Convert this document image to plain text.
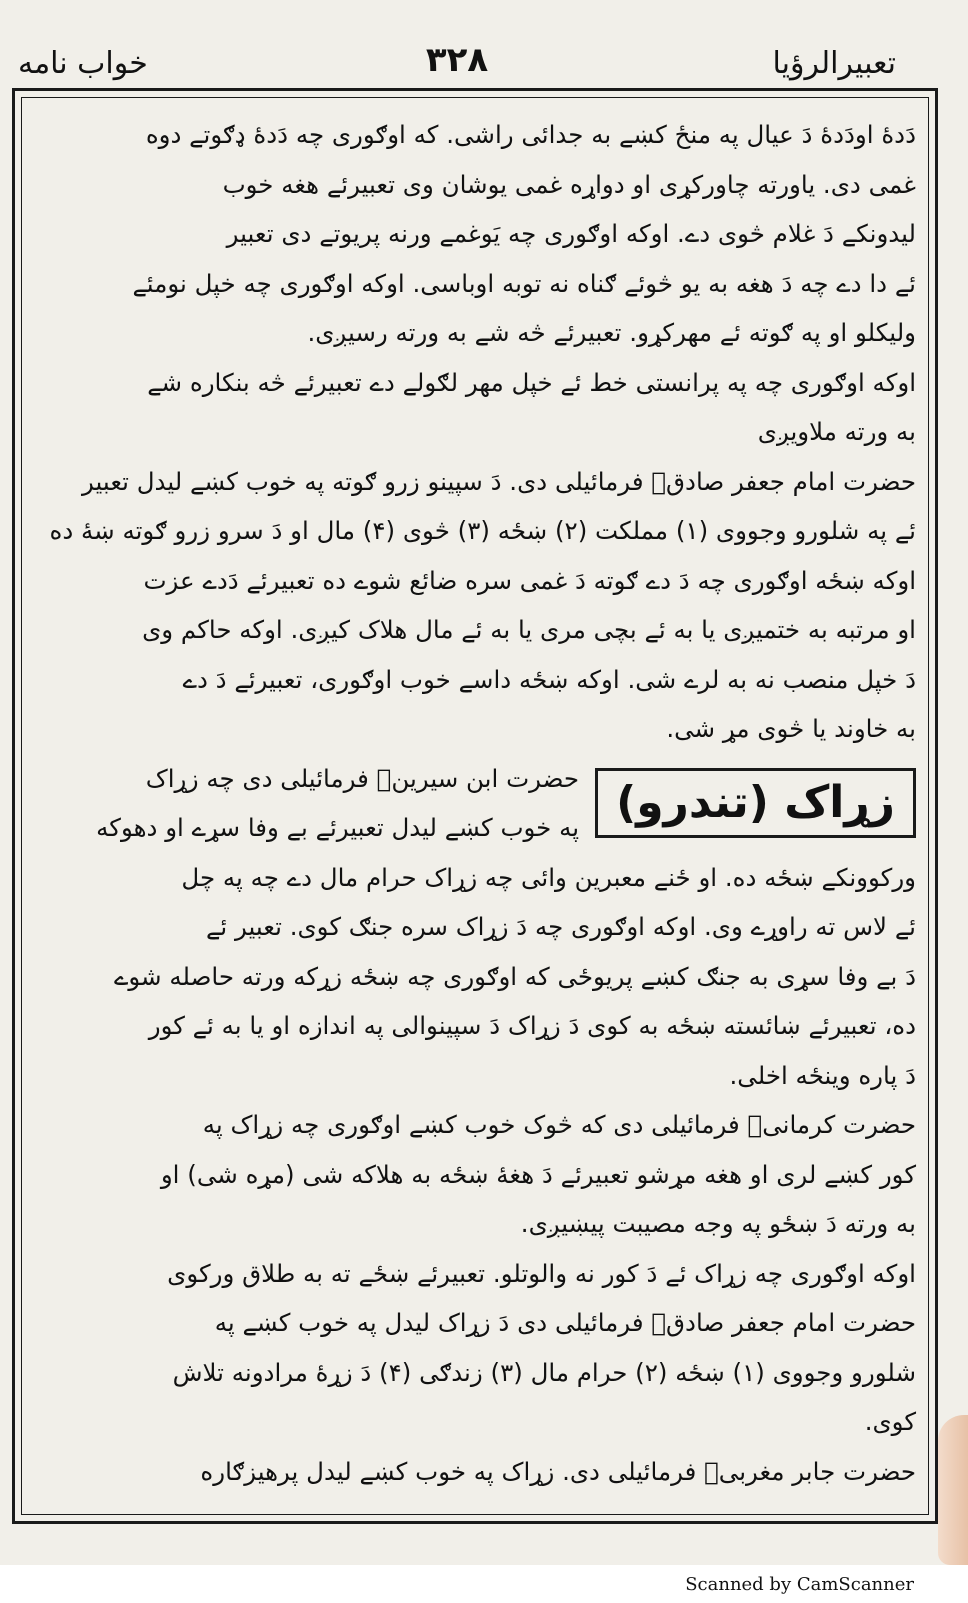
تعبیرالرؤیا
۳۲۸
خواب نامه

دَدهٔ اودَدهٔ دَ عیال په منځ کښے به جدائی راشی. که اوګوری چه دَدهٔ ډګوتے دوه

غمی دی. یاورته چاورکړی او دواړه غمی یوشان وی تعبیرئے هغه خوب

لیدونکے دَ غلام څوی دے. اوکه اوګوری چه یَوغمے ورنه پریوتے دی تعبیر

ئے دا دے چه دَ هغه به یو څوئے ګناه نه توبه اوباسی. اوکه اوګوری چه خپل نومئے

ولیکلو او په ګوته ئے مهرکړو. تعبیرئے څه شے به ورته رسیږی.

اوکه اوګوری چه په پرانستی خط ئے خپل مهر لګولے دے تعبیرئے څه بنکاره شے

به ورته ملاویږی

حضرت امام جعفر صادقؒ فرمائیلی دی. دَ سپینو زرو ګوته په خوب کښے لیدل تعبیر

ئے په شلورو وجووی (۱) مملکت (۲) ښځه (۳) څوی (۴) مال او دَ سرو زرو ګوته ښهٔ ده

اوکه ښځه اوګوری چه دَ دے ګوته دَ غمی سره ضائع شوے ده تعبیرئے دَدے عزت

او مرتبه به ختمیږی یا به ئے بچی مری یا به ئے مال هلاک کیږی. اوکه حاکم وی

دَ خپل منصب نه به لرے شی. اوکه ښځه داسے خوب اوګوری، تعبیرئے دَ دے

به خاوند یا څوی مړ شی.

زړاک (تندرو)

حضرت ابن سیرینؒ فرمائیلی دی چه زړاک

په خوب کښے لیدل تعبیرئے بے وفا سړے او دهوکه

ورکوونکے ښځه ده. او ځنے معبرین وائی چه زړاک حرام مال دے چه په چل

ئے لاس ته راوړے وی. اوکه اوګوری چه دَ زړاک سره جنګ کوی. تعبیر ئے

دَ بے وفا سړی به جنګ کښے پریوځی که اوګوری چه ښځه زړکه ورته حاصله شوے

ده، تعبیرئے ښائسته ښځه به کوی دَ زړاک دَ سپینوالی په اندازه او یا به ئے کور

دَ پاره وینځه اخلی.

حضرت کرمانیؒ فرمائیلی دی که څوک خوب کښے اوګوری چه زړاک په

کور کښے لری او هغه مړشو تعبیرئے دَ هغهٔ ښځه به هلاکه شی (مړه شی) او

به ورته دَ ښځو په وجه مصیبت پیښیږی.

اوکه اوګوری چه زړاک ئے دَ کور نه والوتلو. تعبیرئے ښځے ته به طلاق ورکوی

حضرت امام جعفر صادقؒ فرمائیلی دی دَ زړاک لیدل په خوب کښے په

شلورو وجووی (۱) ښځه (۲) حرام مال (۳) زندګی (۴) دَ زړهٔ مرادونه تلاش

کوی.

حضرت جابر مغربیؒ فرمائیلی دی. زړاک په خوب کښے لیدل پرهیزګاره

Scanned by CamScanner
